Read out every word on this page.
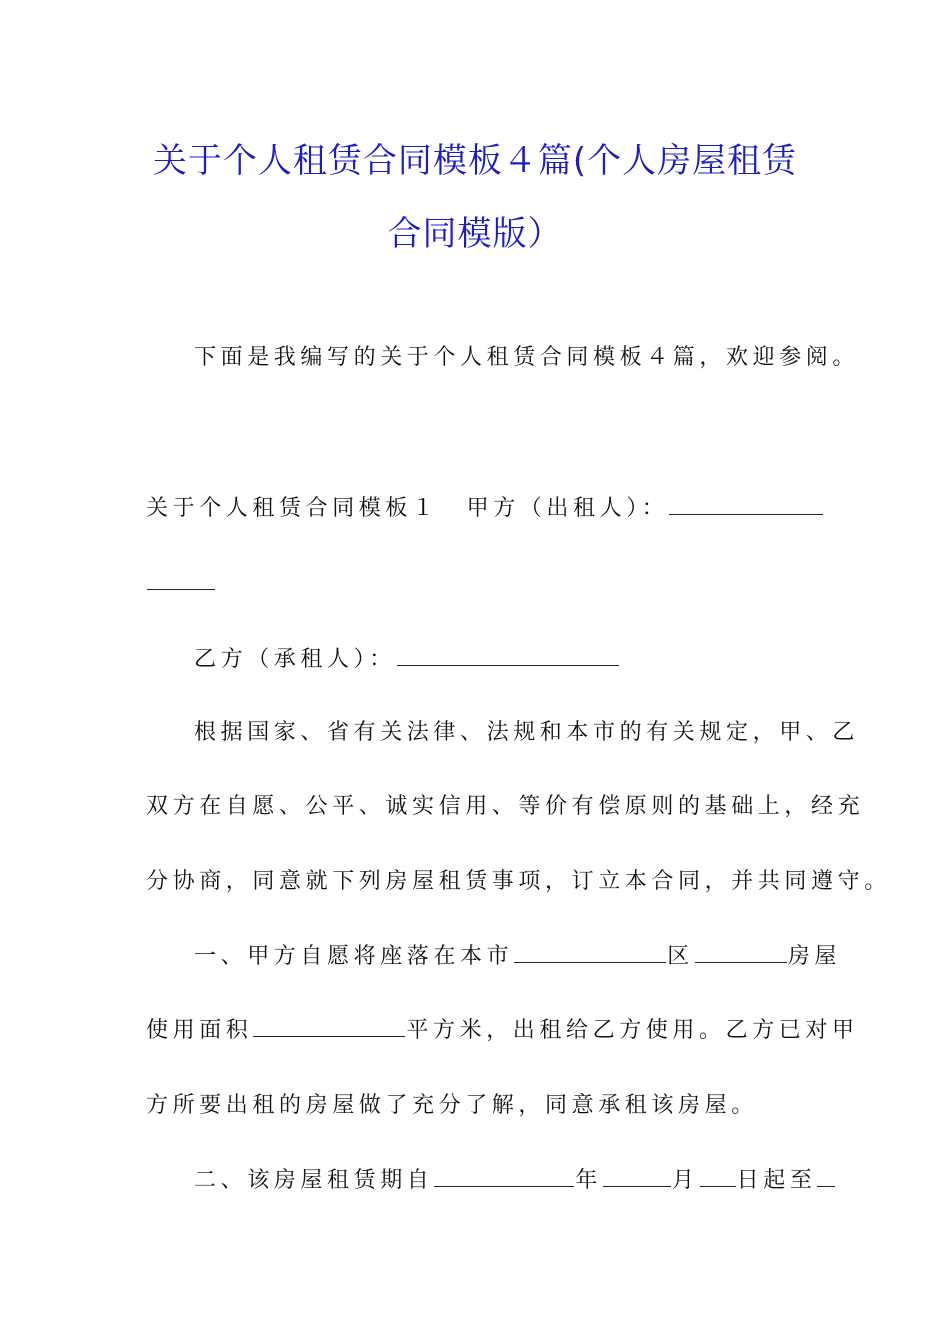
关于个人租赁合同模板４篇(个人房屋租赁
合同模版）
下面是我编写的关于个人租赁合同模板４篇，欢迎参阅。
关于个人租赁合同模板１ 甲方（出租人）：
乙方（承租人）：
根据国家、省有关法律、法规和本市的有关规定，甲、乙
双方在自愿、公平、诚实信用、等价有偿原则的基础上，经充
分协商，同意就下列房屋租赁事项，订立本合同，并共同遵守。
一、甲方自愿将座落在本市	区	房屋
使用面积	平方米，出租给乙方使用。乙方已对甲
方所要出租的房屋做了充分了解，同意承租该房屋。
二、该房屋租赁期自	年	月 日起至
